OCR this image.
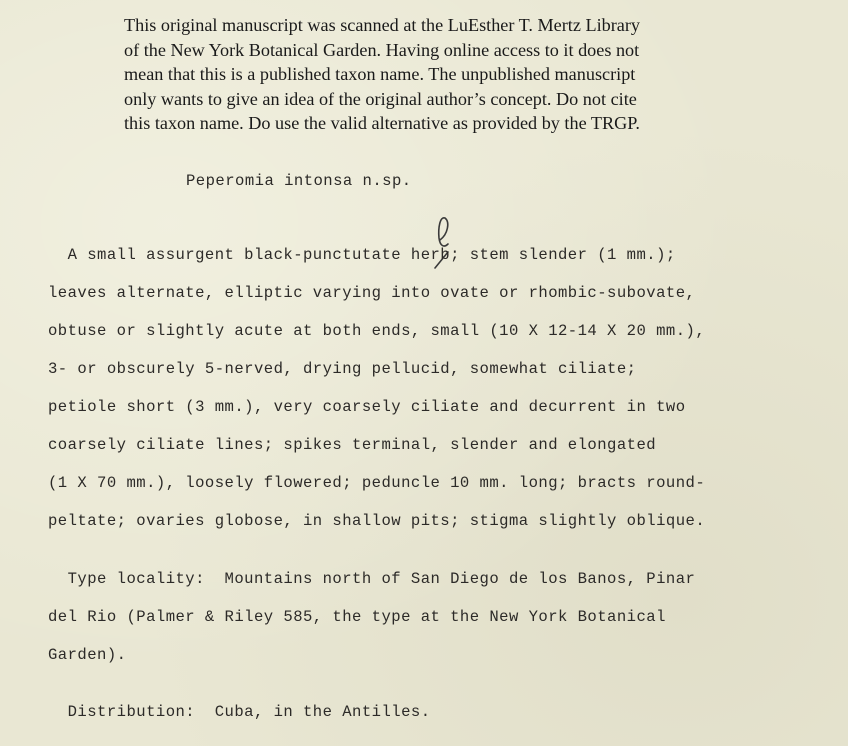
This original manuscript was scanned at the LuEsther T. Mertz Library
of the New York Botanical Garden. Having online access to it does not
mean that this is a published taxon name. The unpublished manuscript
only wants to give an idea of the original author’s concept. Do not cite
this taxon name. Do use the valid alternative as provided by the TRGP.
Peperomia intonsa n.sp.
A small assurgent black-punctutate herb; stem slender (1 mm.);
leaves alternate, elliptic varying into ovate or rhombic-subovate,
obtuse or slightly acute at both ends, small (10 X 12-14 X 20 mm.),
3- or obscurely 5-nerved, drying pellucid, somewhat ciliate;
petiole short (3 mm.), very coarsely ciliate and decurrent in two
coarsely ciliate lines; spikes terminal, slender and elongated
(1 X 70 mm.), loosely flowered; peduncle 10 mm. long; bracts round-
peltate; ovaries globose, in shallow pits; stigma slightly oblique.
Type locality:  Mountains north of San Diego de los Banos, Pinar
del Rio (Palmer & Riley 585, the type at the New York Botanical
Garden).
Distribution:  Cuba, in the Antilles.
